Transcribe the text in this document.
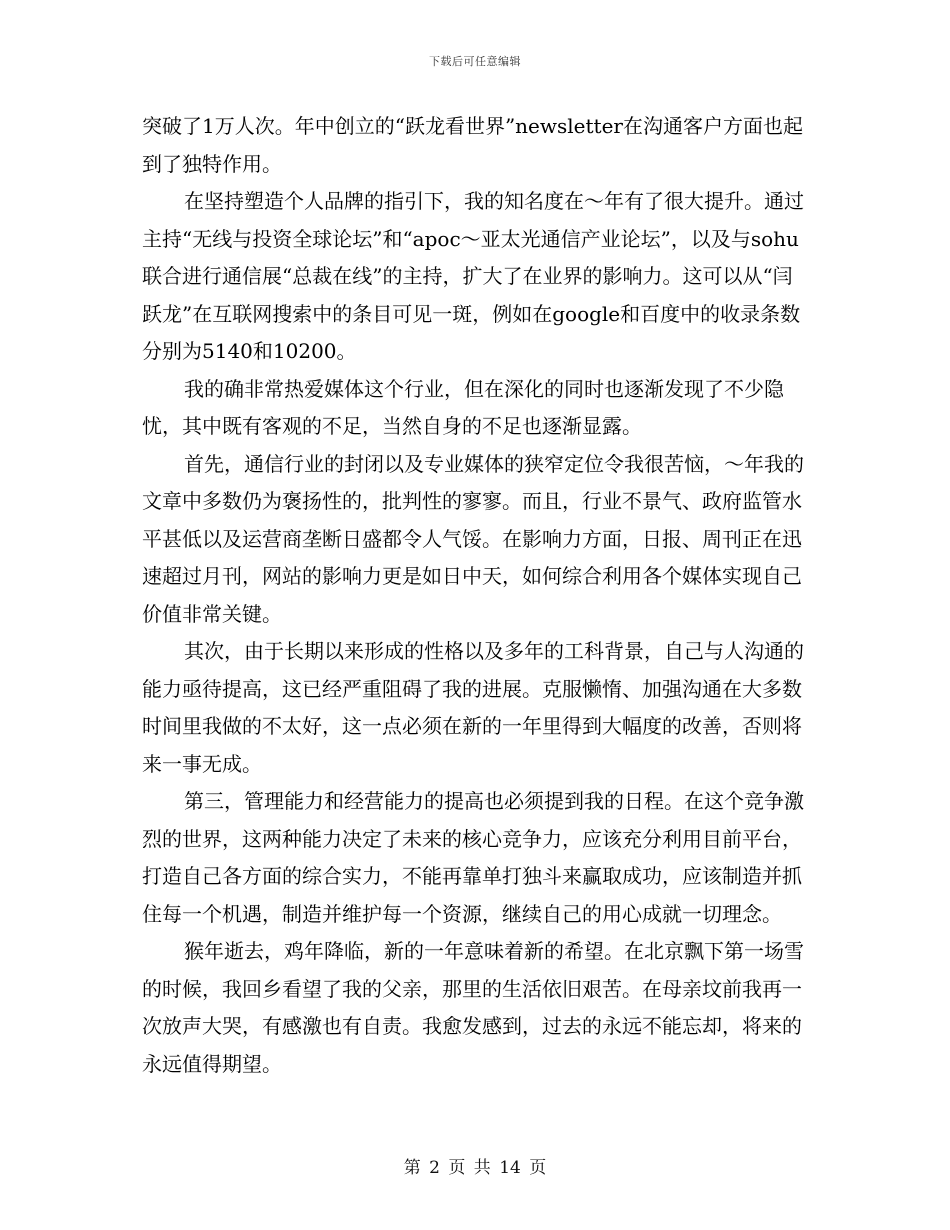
下载后可任意编辑

突破了1万人次。年中创立的“跃龙看世界”newsletter在沟通客户方面也起到了独特作用。

在坚持塑造个人品牌的指引下，我的知名度在～年有了很大提升。通过主持“无线与投资全球论坛”和“apoc～亚太光通信产业论坛”，以及与sohu联合进行通信展“总裁在线”的主持，扩大了在业界的影响力。这可以从“闫跃龙”在互联网搜索中的条目可见一斑，例如在google和百度中的收录条数分别为5140和10200。

我的确非常热爱媒体这个行业，但在深化的同时也逐渐发现了不少隐忧，其中既有客观的不足，当然自身的不足也逐渐显露。

首先，通信行业的封闭以及专业媒体的狭窄定位令我很苦恼，～年我的文章中多数仍为褒扬性的，批判性的寥寥。而且，行业不景气、政府监管水平甚低以及运营商垄断日盛都令人气馁。在影响力方面，日报、周刊正在迅速超过月刊，网站的影响力更是如日中天，如何综合利用各个媒体实现自己价值非常关键。

其次，由于长期以来形成的性格以及多年的工科背景，自己与人沟通的能力亟待提高，这已经严重阻碍了我的进展。克服懒惰、加强沟通在大多数时间里我做的不太好，这一点必须在新的一年里得到大幅度的改善，否则将来一事无成。

第三，管理能力和经营能力的提高也必须提到我的日程。在这个竞争激烈的世界，这两种能力决定了未来的核心竞争力，应该充分利用目前平台，打造自己各方面的综合实力，不能再靠单打独斗来赢取成功，应该制造并抓住每一个机遇，制造并维护每一个资源，继续自己的用心成就一切理念。

猴年逝去，鸡年降临，新的一年意味着新的希望。在北京飘下第一场雪的时候，我回乡看望了我的父亲，那里的生活依旧艰苦。在母亲坟前我再一次放声大哭，有感激也有自责。我愈发感到，过去的永远不能忘却，将来的永远值得期望。

第 2 页 共 14 页
